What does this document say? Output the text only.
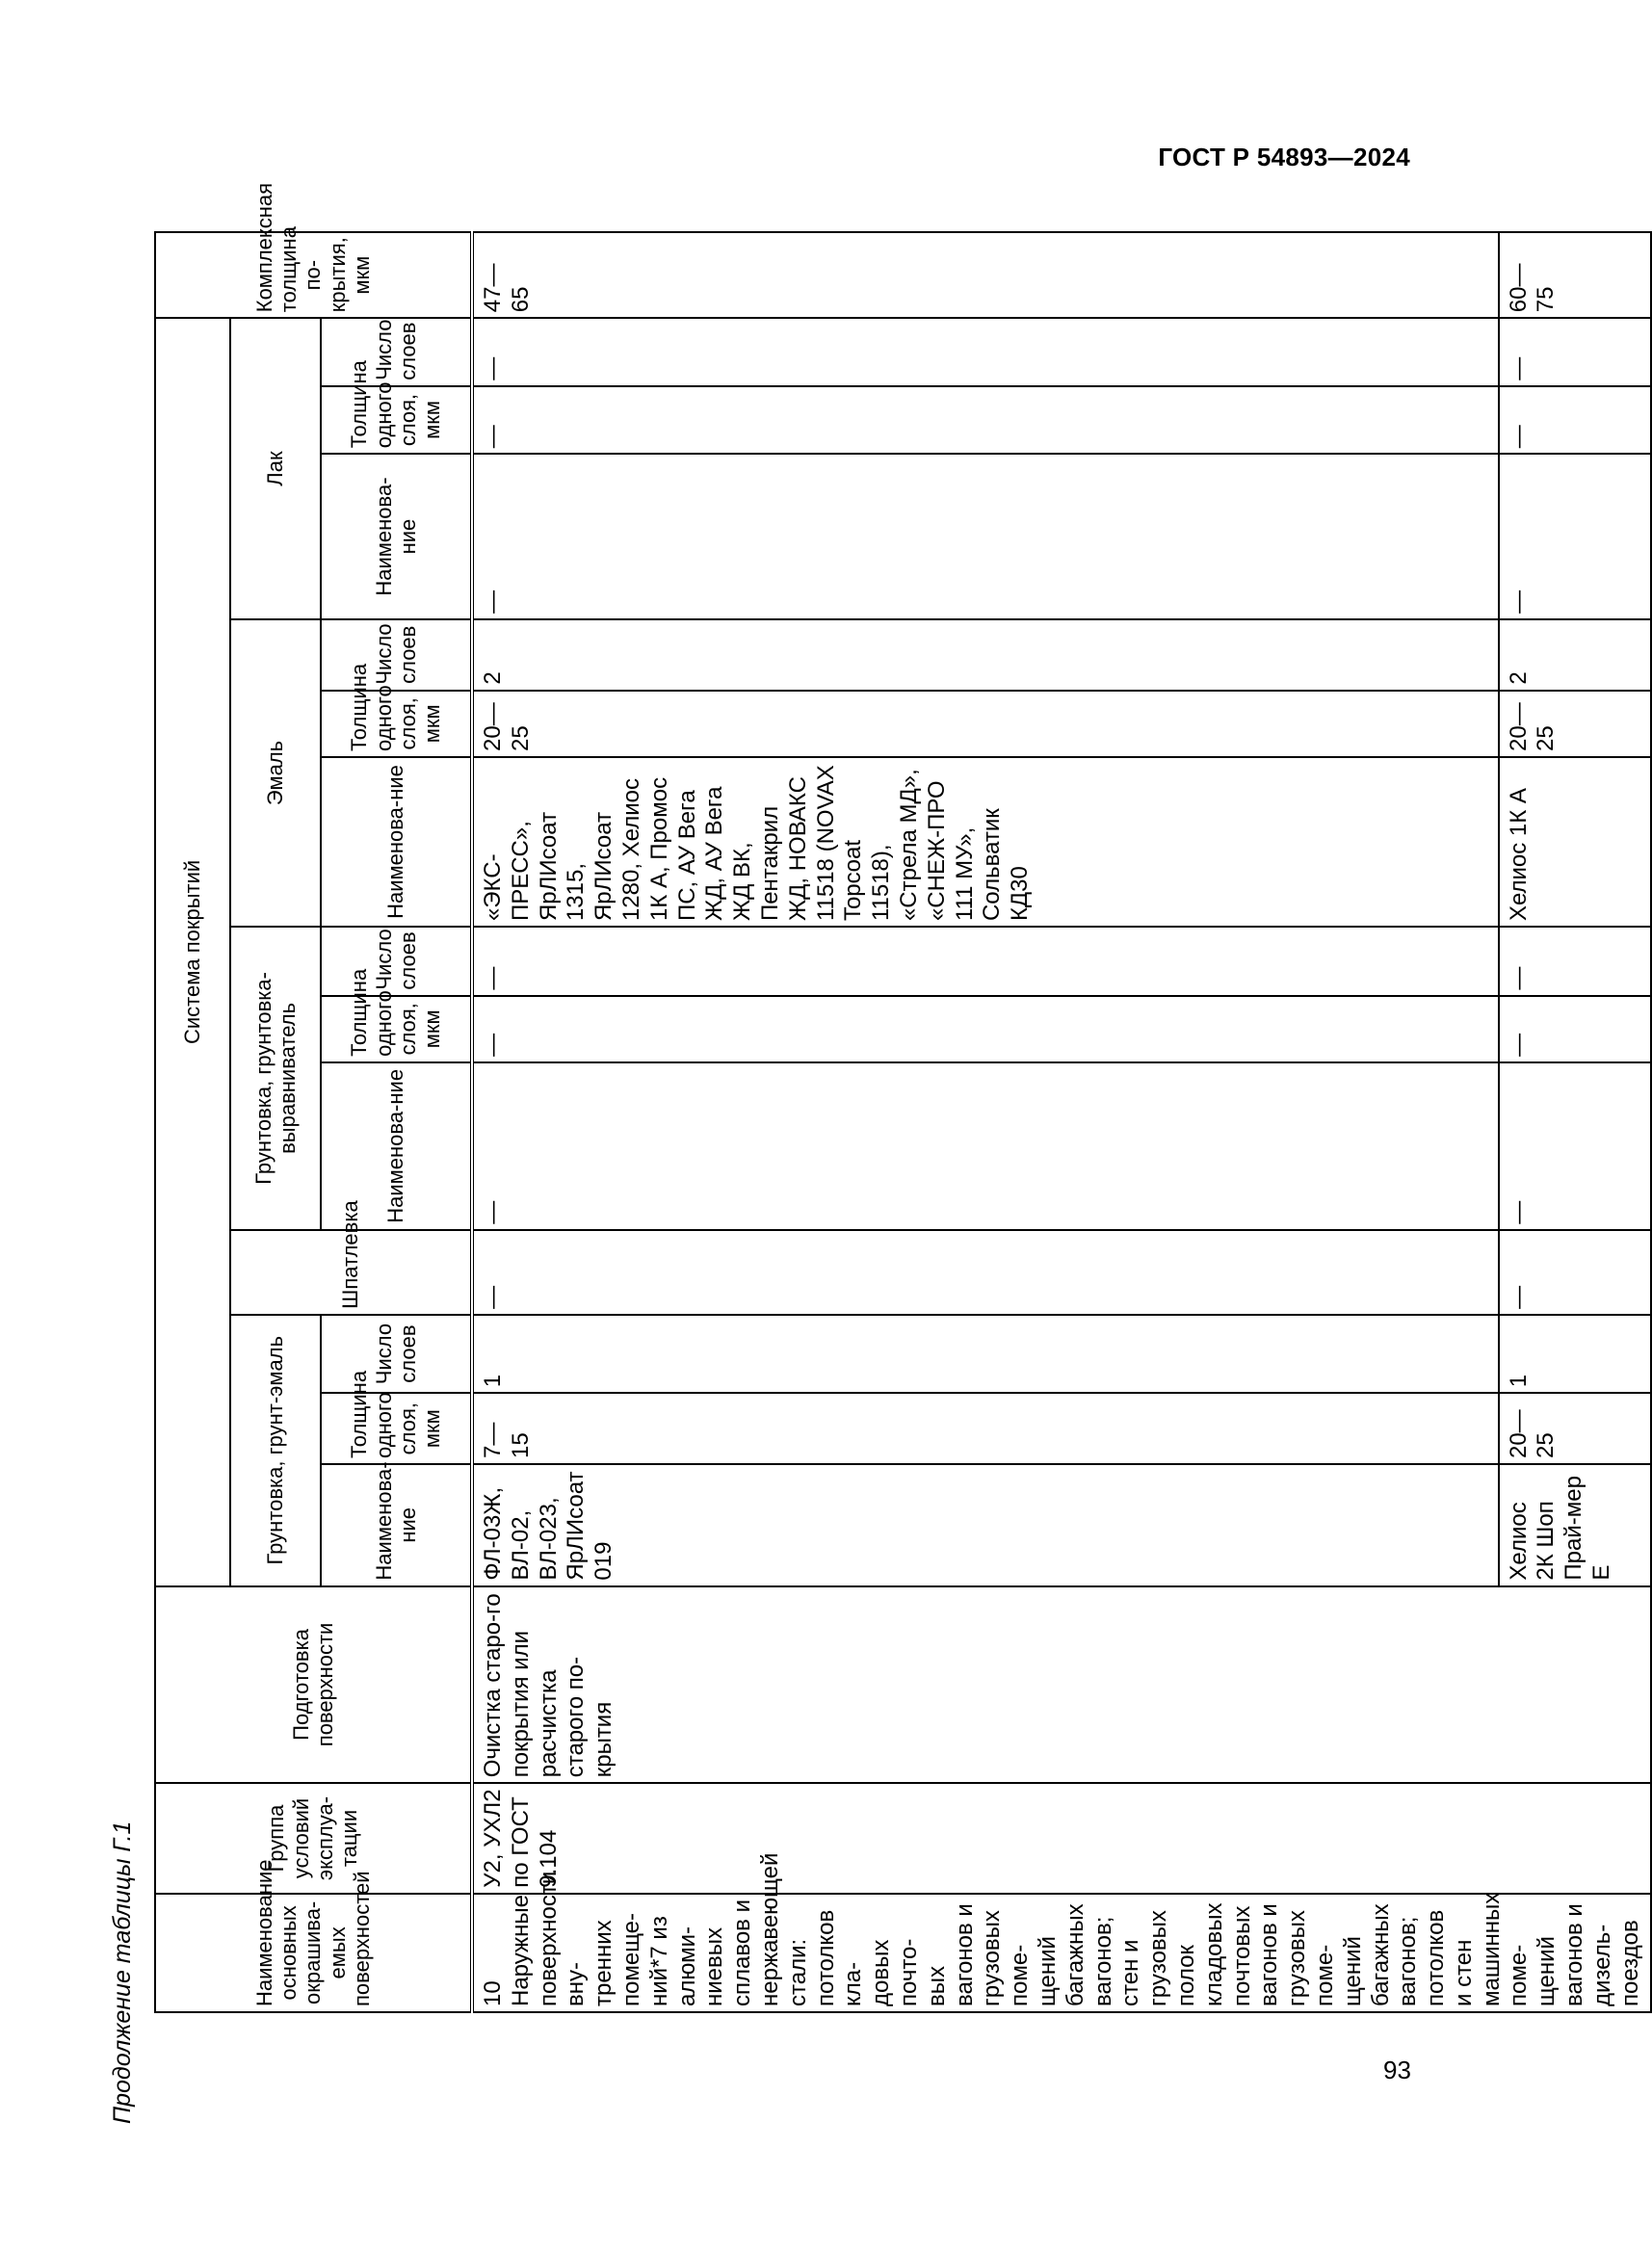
ГОСТ Р 54893—2024
Продолжение таблицы Г.1	93
Наименование основных окрашива-емых поверхностей	Группа условий эксплуа-тации	Подготовка поверхности	Система покрытий													Комплексная толщина по-крытия, мкм
			Грунтовка, грунт-эмаль			Шпатлевка	Грунтовка, грунтовка-выравниватель			Эмаль			Лак			
			Наименова-ние	Толщина одного слоя, мкм	Число слоев		Наименова-ние	Толщина одного слоя, мкм	Число слоев	Наименова-ние	Толщина одного слоя, мкм	Число слоев	Наименова-ние	Толщина одного слоя, мкм	Число слоев	
10 Наружные поверхности вну-тренних помеще-ний*7 из алюми-ниевых сплавов и нержавеющей стали: потолков кла-довых почто-вых вагонов и грузовых поме-щений багажных вагонов; стен и грузовых полок кладовых почтовых вагонов и грузовых поме-щений багажных вагонов; потолков и стен машинных поме-щений вагонов и дизель-поездов	У2, УХЛ2 по ГОСТ 9.104	Очистка старо-го покрытия или расчистка старого по-крытия	ФЛ-03Ж, ВЛ-02, ВЛ-023, ЯрЛИсоат 019	7—15	1	—	—	—	—	«ЭКС-ПРЕСС», ЯрЛИсоат 1315, ЯрЛИсоат 1280, Хелиос 1К А, Промос ПС, АУ Вега ЖД, АУ Вега ЖД ВК, Пентакрил ЖД, НОВАКС 11518 (NOVAX Topcoat 11518), «Стрела МД», «СНЕЖ-ПРО 111 МУ», Сольватик КД30	20—25	2	—	—	—	47—65
			Хелиос 2К Шоп Прай-мер Е	20—25	1	—	—	—	—	Хелиос 1К А	20—25	2	—	—	—	60—75
